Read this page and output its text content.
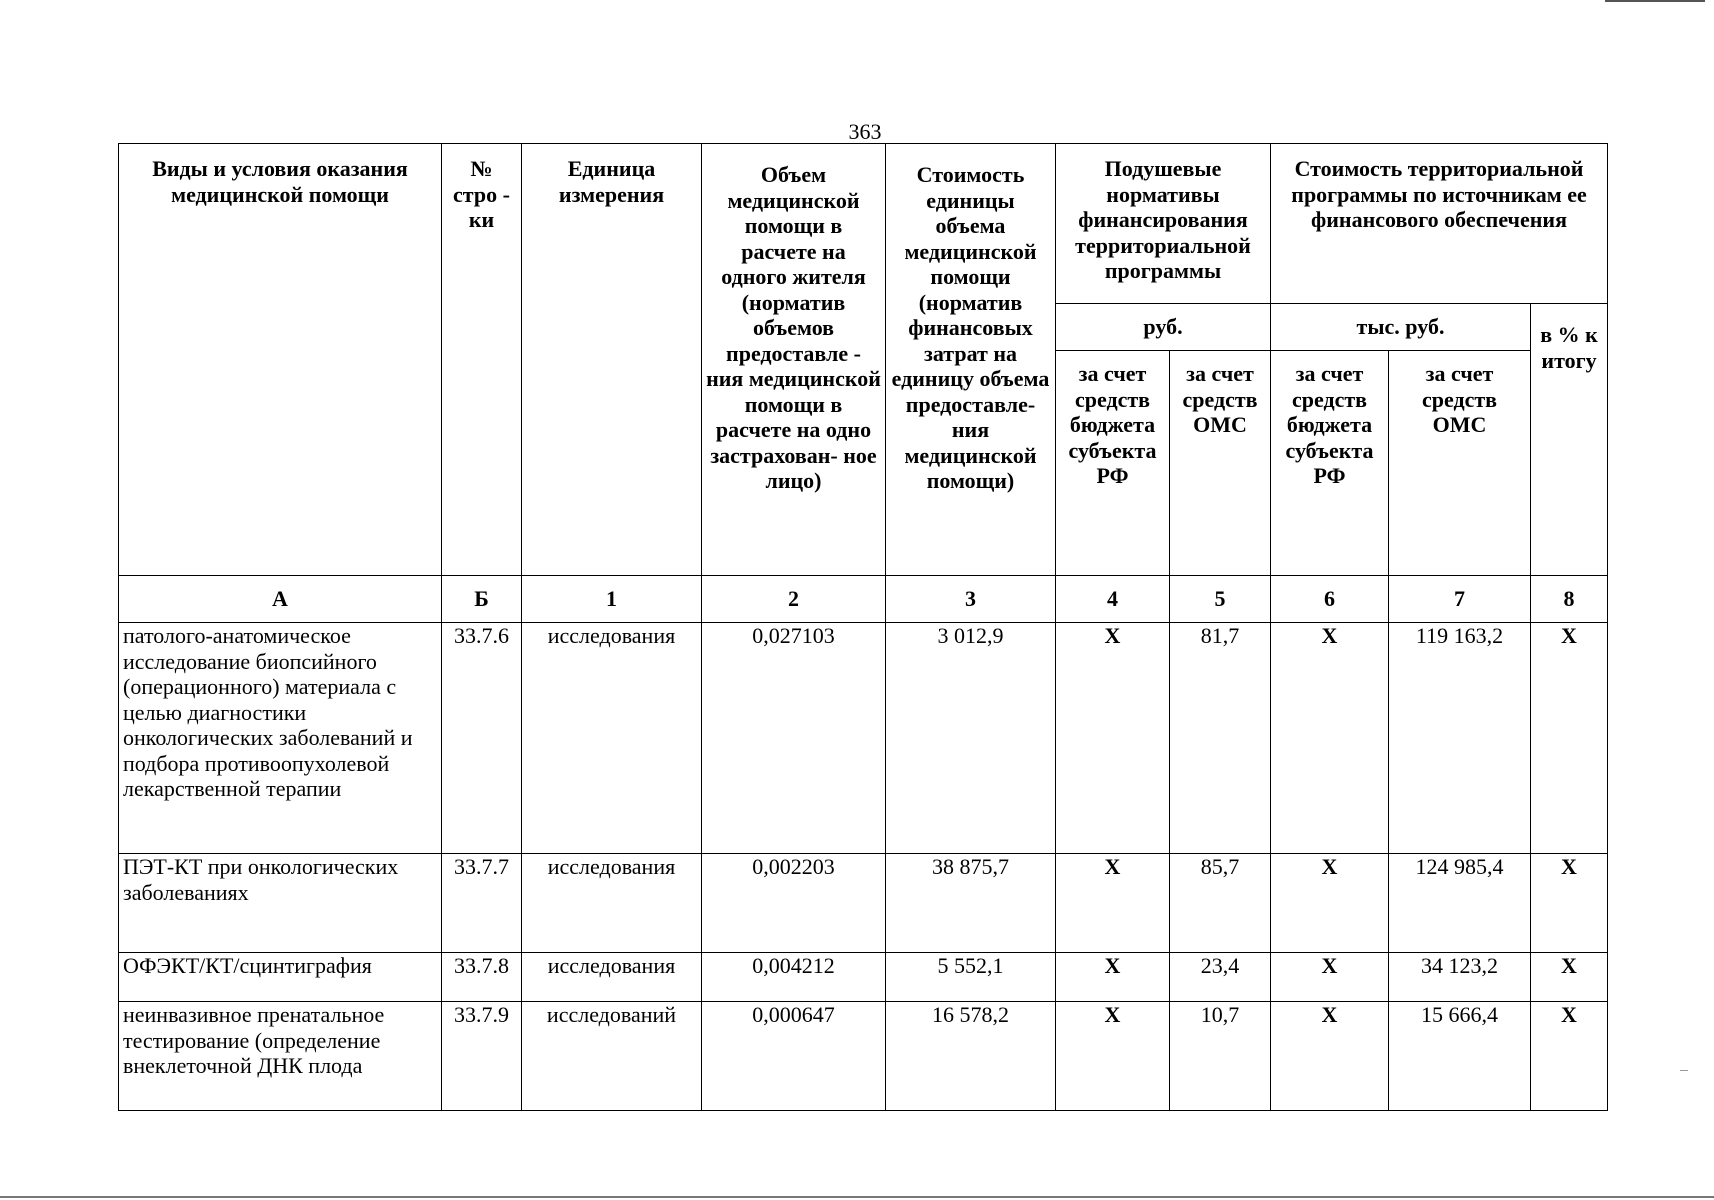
363
Виды и условия оказания медицинской помощи	№ стро - ки	Единица измерения	Объем медицинской помощи в расчете на одного жителя (норматив объемов предоставле - ния медицинской помощи в расчете на одно застрахован- ное лицо)	Стоимость единицы объема медицинской помощи (норматив финансовых затрат на единицу объема предоставле- ния медицинской помощи)	Подушевые нормативы финансирования территориальной программы		Стоимость территориальной программы по источникам ее финансового обеспечения		
					руб.		тыс. руб.		в % к итогу
					за счет средств бюджета субъекта РФ	за счет средств ОМС	за счет средств бюджета субъекта РФ	за счет средств ОМС	
А	Б	1	2	3	4	5	6	7	8
патолого-анатомическое исследование биопсийного (операционного) материала с целью диагностики онкологических заболеваний и подбора противоопухолевой лекарственной терапии	33.7.6	исследования	0,027103	3 012,9	Х	81,7	Х	119 163,2	Х
ПЭТ-КТ при онкологических заболеваниях	33.7.7	исследования	0,002203	38 875,7	Х	85,7	Х	124 985,4	Х
ОФЭКТ/КТ/сцинтиграфия	33.7.8	исследования	0,004212	5 552,1	Х	23,4	Х	34 123,2	Х
неинвазивное пренатальное тестирование (определение внеклеточной ДНК плода	33.7.9	исследований	0,000647	16 578,2	Х	10,7	Х	15 666,4	Х
